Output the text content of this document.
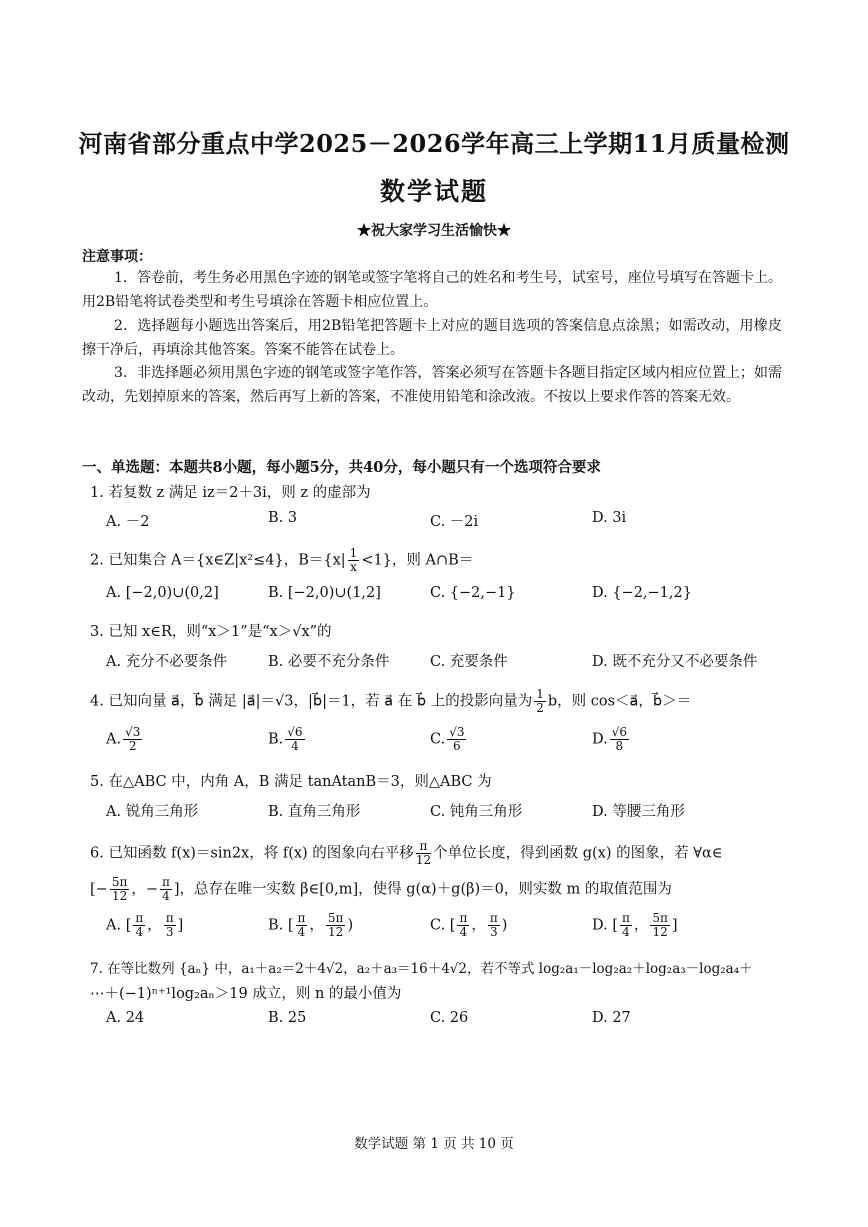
河南省部分重点中学2025－2026学年高三上学期11月质量检测
数学试题
★祝大家学习生活愉快★
注意事项：
1．答卷前，考生务必用黑色字迹的钢笔或签字笔将自己的姓名和考生号，试室号，座位号填写在答题卡上。用2B铅笔将试卷类型和考生号填涂在答题卡相应位置上。
2．选择题每小题选出答案后，用2B铅笔把答题卡上对应的题目选项的答案信息点涂黑；如需改动，用橡皮擦干净后，再填涂其他答案。答案不能答在试卷上。
3．非选择题必须用黑色字迹的钢笔或签字笔作答，答案必须写在答题卡各题目指定区域内相应位置上；如需改动，先划掉原来的答案，然后再写上新的答案，不准使用铅笔和涂改液。不按以上要求作答的答案无效。
一、单选题：本题共8小题，每小题5分，共40分，每小题只有一个选项符合要求
1. 若复数 z 满足 iz＝2＋3i，则 z 的虚部为
A. －2	B. 3	C. －2i	D. 3i
2. 已知集合 A＝{x∈Z|x²≤4}，$B=\{x| \frac{1}{x} <1\}$，则 A∩B＝
A. [−2,0)∪(0,2]	B. [−2,0)∪(1,2]	C. {−2,−1}	D. {−2,−1,2}
3. 已知 x∈R，则“x＞1”是“x＞√x”的
A. 充分不必要条件	B. 必要不充分条件	C. 充要条件	D. 既不充分又不必要条件
4. 已知向量 a⃗，b⃗ 满足 |a⃗|＝√3，|b⃗|＝1，若 a⃗ 在 b⃗ 上的投影向量为 $\frac{1}{2}$ b，则 cos＜a⃗，b⃗＞＝
A. $\frac{√3}{2}$	B. $\frac{√6}{4}$	C. $\frac{√3}{6}$	D. $\frac{√6}{8}$
5. 在△ABC 中，内角 A，B 满足 tanAtanB＝3，则△ABC 为
A. 锐角三角形	B. 直角三角形	C. 钝角三角形	D. 等腰三角形
6. 已知函数 f(x)＝sin2x，将 f(x) 的图象向右平移 $\frac{\pi}{12}$ 个单位长度，得到函数 g(x) 的图象，若 ∀α∈
[− $\frac{5\pi}{12}$ ，− $\frac{\pi}{4}$ ]，总存在唯一实数 β∈[0,m]，使得 g(α)＋g(β)＝0，则实数 m 的取值范围为
A. [ $\frac{\pi}{4}$ ， $\frac{\pi}{3}$ ]	B. [ $\frac{\pi}{4}$ ， $\frac{5\pi}{12}$ )	C. [ $\frac{\pi}{4}$ ， $\frac{\pi}{3}$ )	D. [ $\frac{\pi}{4}$ ， $\frac{5\pi}{12}$ ]
7. 在等比数列 {aₙ} 中，a₁＋a₂＝2＋4√2，a₂＋a₃＝16＋4√2，若不等式 log₂a₁－log₂a₂＋log₂a₃－log₂a₄＋
⋯＋(−1)ⁿ⁺¹log₂aₙ＞19 成立，则 n 的最小值为
A. 24	B. 25	C. 26	D. 27
数学试题 第 1 页 共 10 页
